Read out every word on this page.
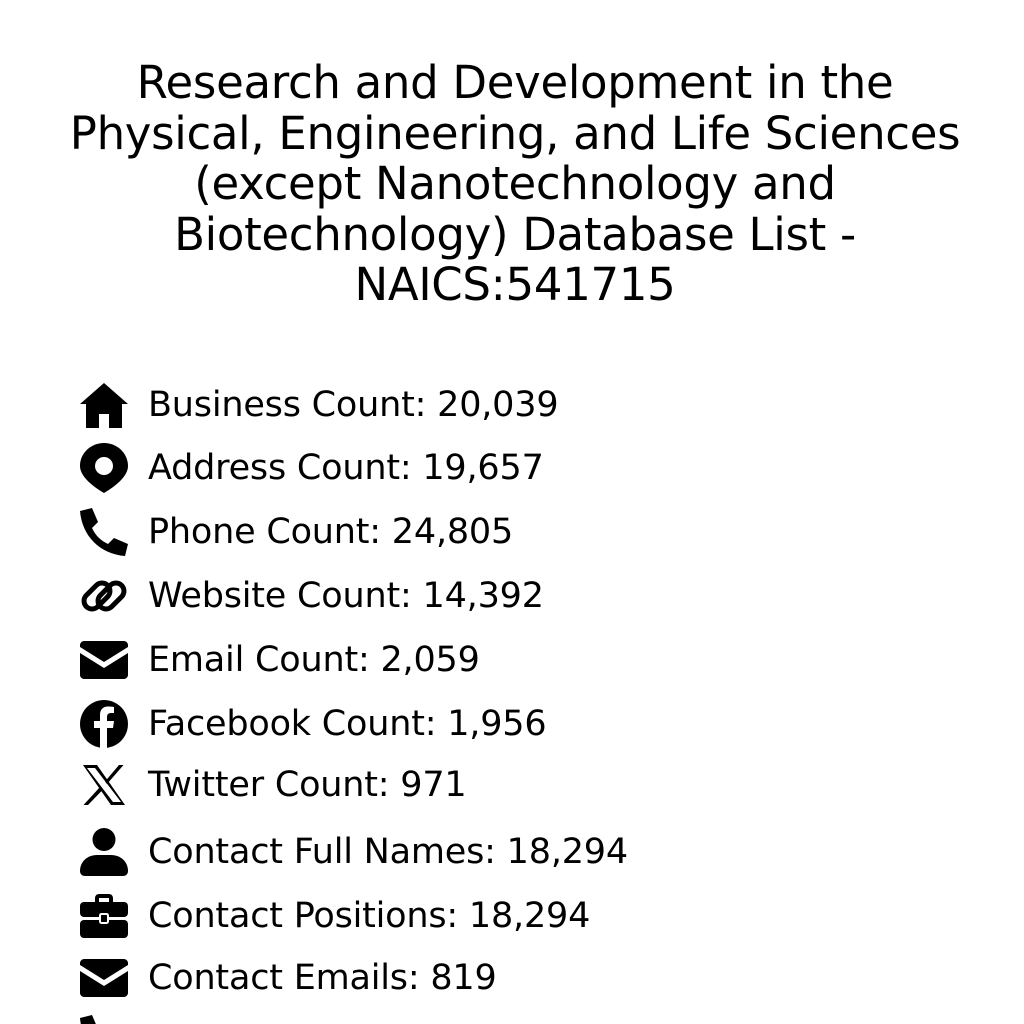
Research and Development in the
Physical, Engineering, and Life Sciences
(except Nanotechnology and
Biotechnology) Database List -
NAICS:541715
Business Count: 20,039
Address Count: 19,657
Phone Count: 24,805
Website Count: 14,392
Email Count: 2,059
Facebook Count: 1,956
Twitter Count: 971
Contact Full Names: 18,294
Contact Positions: 18,294
Contact Emails: 819
